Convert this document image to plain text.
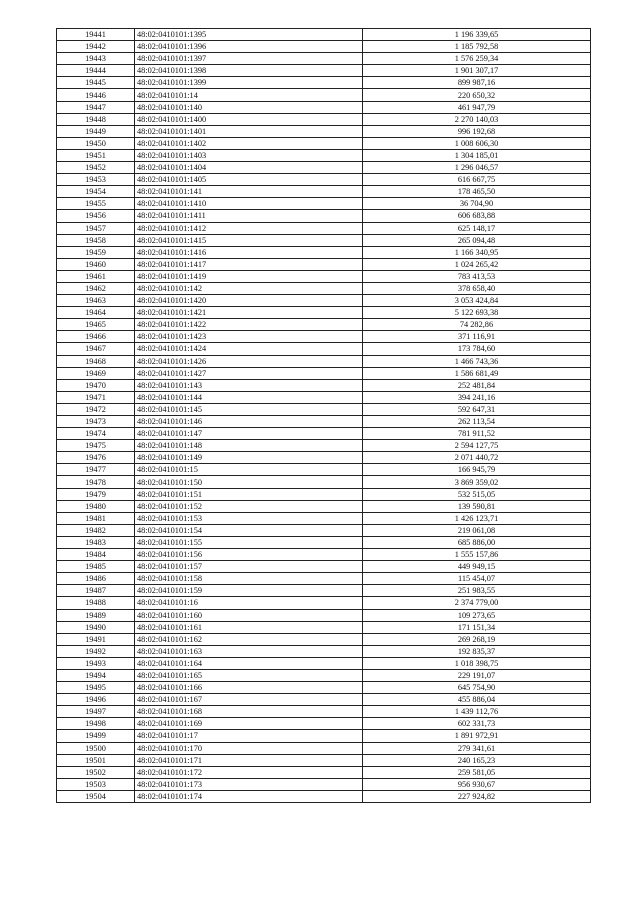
19441	48:02:0410101:1395	1 196 339,65
19442	48:02:0410101:1396	1 185 792,58
19443	48:02:0410101:1397	1 576 259,34
19444	48:02:0410101:1398	1 901 307,17
19445	48:02:0410101:1399	899 987,16
19446	48:02:0410101:14	220 650,32
19447	48:02:0410101:140	461 947,79
19448	48:02:0410101:1400	2 270 140,03
19449	48:02:0410101:1401	996 192,68
19450	48:02:0410101:1402	1 008 606,30
19451	48:02:0410101:1403	1 304 185,01
19452	48:02:0410101:1404	1 296 046,57
19453	48:02:0410101:1405	616 667,75
19454	48:02:0410101:141	178 465,50
19455	48:02:0410101:1410	36 704,90
19456	48:02:0410101:1411	606 683,88
19457	48:02:0410101:1412	625 148,17
19458	48:02:0410101:1415	265 094,48
19459	48:02:0410101:1416	1 166 340,95
19460	48:02:0410101:1417	1 024 265,42
19461	48:02:0410101:1419	783 413,53
19462	48:02:0410101:142	378 658,40
19463	48:02:0410101:1420	3 053 424,84
19464	48:02:0410101:1421	5 122 693,38
19465	48:02:0410101:1422	74 282,86
19466	48:02:0410101:1423	371 116,91
19467	48:02:0410101:1424	173 784,60
19468	48:02:0410101:1426	1 466 743,36
19469	48:02:0410101:1427	1 586 681,49
19470	48:02:0410101:143	252 481,84
19471	48:02:0410101:144	394 241,16
19472	48:02:0410101:145	592 647,31
19473	48:02:0410101:146	262 113,54
19474	48:02:0410101:147	781 911,52
19475	48:02:0410101:148	2 594 127,75
19476	48:02:0410101:149	2 071 440,72
19477	48:02:0410101:15	166 945,79
19478	48:02:0410101:150	3 869 359,02
19479	48:02:0410101:151	532 515,05
19480	48:02:0410101:152	139 590,81
19481	48:02:0410101:153	1 426 123,71
19482	48:02:0410101:154	219 061,08
19483	48:02:0410101:155	685 886,00
19484	48:02:0410101:156	1 555 157,86
19485	48:02:0410101:157	449 949,15
19486	48:02:0410101:158	115 454,07
19487	48:02:0410101:159	251 983,55
19488	48:02:0410101:16	2 374 779,00
19489	48:02:0410101:160	109 273,65
19490	48:02:0410101:161	171 151,34
19491	48:02:0410101:162	269 268,19
19492	48:02:0410101:163	192 835,37
19493	48:02:0410101:164	1 018 398,75
19494	48:02:0410101:165	229 191,07
19495	48:02:0410101:166	645 754,90
19496	48:02:0410101:167	455 886,04
19497	48:02:0410101:168	1 439 112,76
19498	48:02:0410101:169	602 331,73
19499	48:02:0410101:17	1 891 972,91
19500	48:02:0410101:170	279 341,61
19501	48:02:0410101:171	240 165,23
19502	48:02:0410101:172	259 581,05
19503	48:02:0410101:173	956 930,67
19504	48:02:0410101:174	227 924,82
